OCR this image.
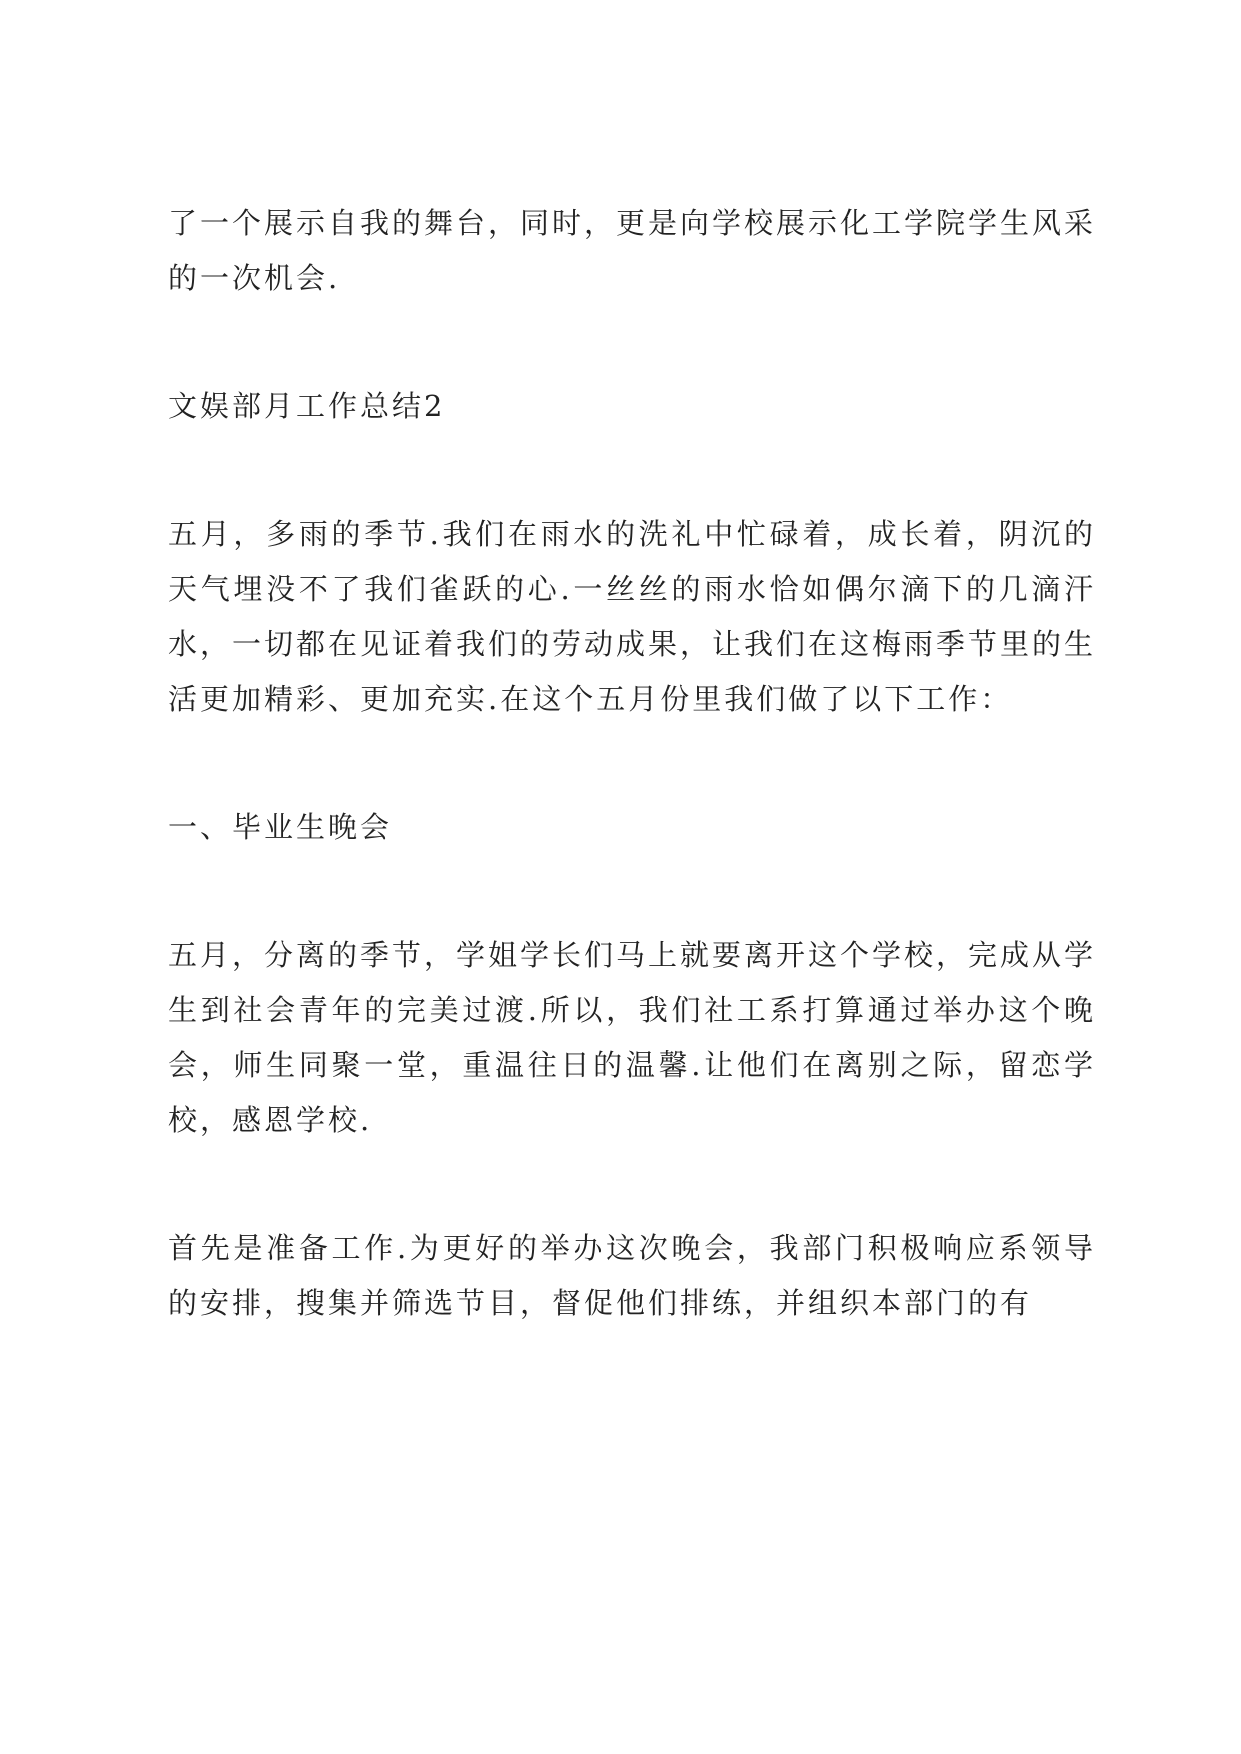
了一个展示自我的舞台，同时，更是向学校展示化工学院学生风采的一次机会.

文娱部月工作总结2

五月，多雨的季节.我们在雨水的洗礼中忙碌着，成长着，阴沉的天气埋没不了我们雀跃的心.一丝丝的雨水恰如偶尔滴下的几滴汗水，一切都在见证着我们的劳动成果，让我们在这梅雨季节里的生活更加精彩、更加充实.在这个五月份里我们做了以下工作：

一、毕业生晚会

五月，分离的季节，学姐学长们马上就要离开这个学校，完成从学生到社会青年的完美过渡.所以，我们社工系打算通过举办这个晚会，师生同聚一堂，重温往日的温馨.让他们在离别之际，留恋学校，感恩学校.

首先是准备工作.为更好的举办这次晚会，我部门积极响应系领导的安排，搜集并筛选节目，督促他们排练，并组织本部门的有
